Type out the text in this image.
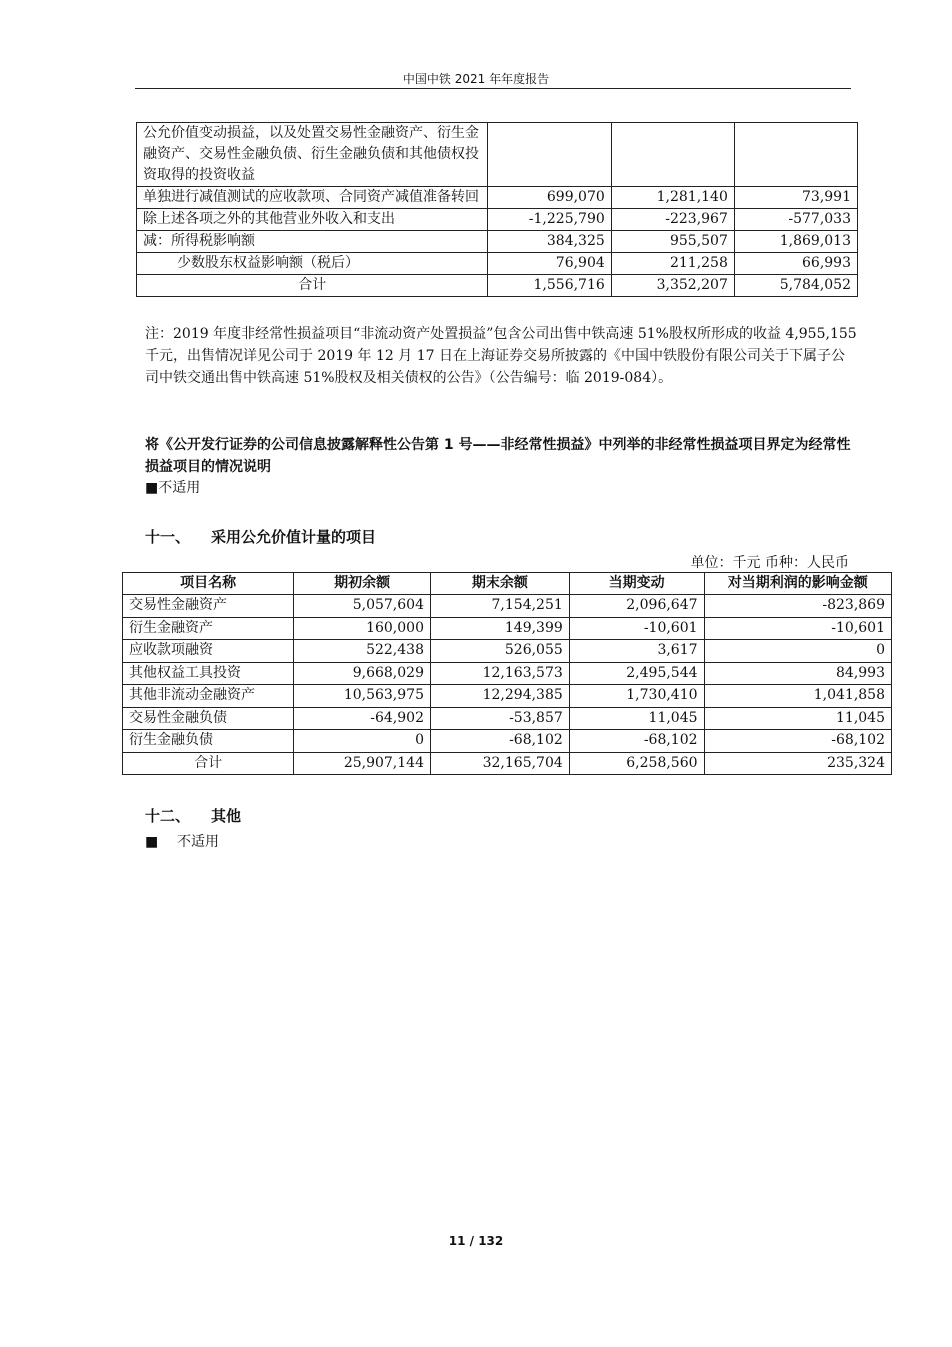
中国中铁 2021 年年度报告
公允价值变动损益，以及处置交易性金融资产、衍生金融资产、交易性金融负债、衍生金融负债和其他债权投资取得的投资收益			
单独进行减值测试的应收款项、合同资产减值准备转回	699,070	1,281,140	73,991
除上述各项之外的其他营业外收入和支出	-1,225,790	-223,967	-577,033
减：所得税影响额	384,325	955,507	1,869,013
少数股东权益影响额（税后）	76,904	211,258	66,993
合计	1,556,716	3,352,207	5,784,052
注：2019 年度非经常性损益项目“非流动资产处置损益”包含公司出售中铁高速 51%股权所形成的收益 4,955,155 千元，出售情况详见公司于 2019 年 12 月 17 日在上海证券交易所披露的《中国中铁股份有限公司关于下属子公司中铁交通出售中铁高速 51%股权及相关债权的公告》（公告编号：临 2019-084）。
将《公开发行证券的公司信息披露解释性公告第 1 号——非经常性损益》中列举的非经常性损益项目界定为经常性损益项目的情况说明
■不适用
十一、 采用公允价值计量的项目
单位：千元 币种：人民币
项目名称	期初余额	期末余额	当期变动	对当期利润的影响金额
交易性金融资产	5,057,604	7,154,251	2,096,647	-823,869
衍生金融资产	160,000	149,399	-10,601	-10,601
应收款项融资	522,438	526,055	3,617	0
其他权益工具投资	9,668,029	12,163,573	2,495,544	84,993
其他非流动金融资产	10,563,975	12,294,385	1,730,410	1,041,858
交易性金融负债	-64,902	-53,857	11,045	11,045
衍生金融负债	0	-68,102	-68,102	-68,102
合计	25,907,144	32,165,704	6,258,560	235,324
十二、 其他
■ 不适用
11 / 132
